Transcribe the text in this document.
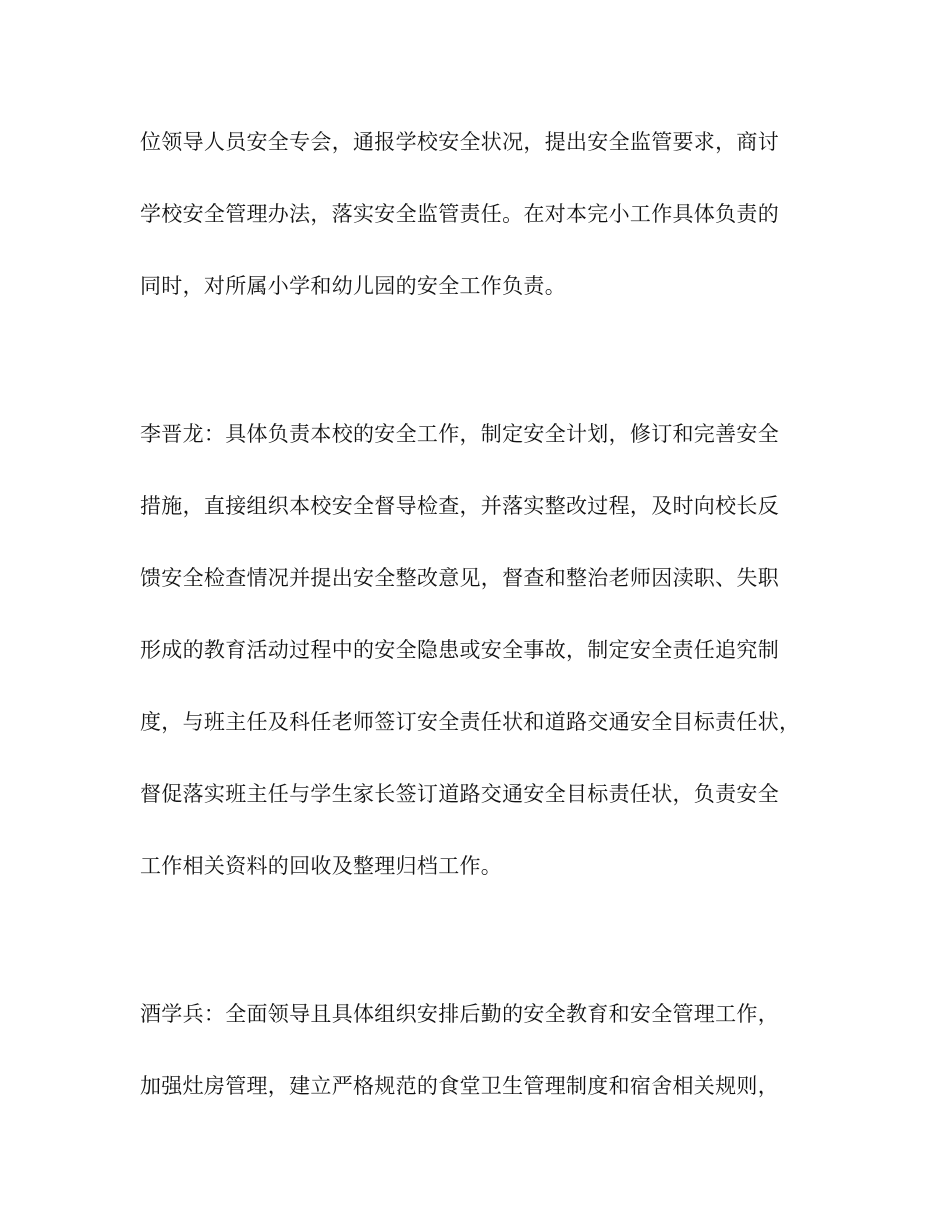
位领导人员安全专会，通报学校安全状况，提出安全监管要求，商讨
学校安全管理办法，落实安全监管责任。在对本完小工作具体负责的
同时，对所属小学和幼儿园的安全工作负责。
李晋龙：具体负责本校的安全工作，制定安全计划，修订和完善安全
措施，直接组织本校安全督导检查，并落实整改过程，及时向校长反
馈安全检查情况并提出安全整改意见，督查和整治老师因渎职、失职
形成的教育活动过程中的安全隐患或安全事故，制定安全责任追究制
度，与班主任及科任老师签订安全责任状和道路交通安全目标责任状，
督促落实班主任与学生家长签订道路交通安全目标责任状，负责安全
工作相关资料的回收及整理归档工作。
酒学兵：全面领导且具体组织安排后勤的安全教育和安全管理工作，
加强灶房管理，建立严格规范的食堂卫生管理制度和宿舍相关规则，
